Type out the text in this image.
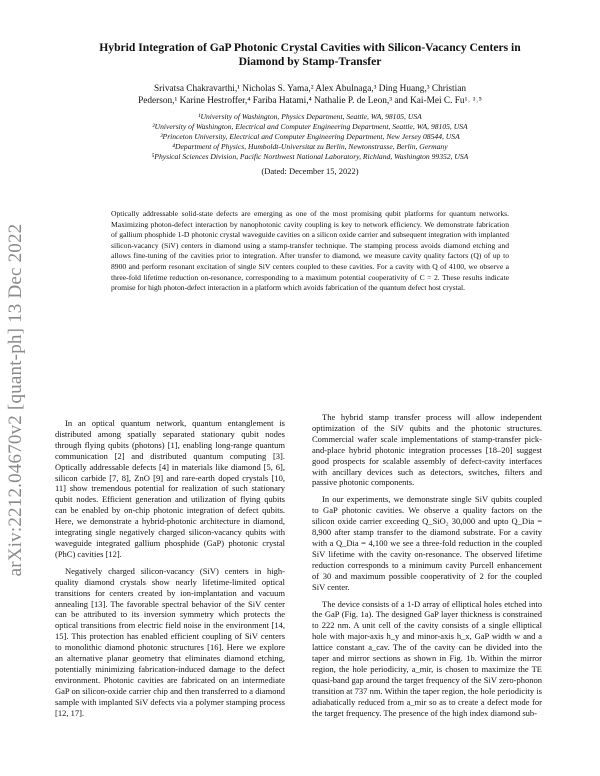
arXiv:2212.04670v2 [quant-ph] 13 Dec 2022
Hybrid Integration of GaP Photonic Crystal Cavities with Silicon-Vacancy Centers in
Diamond by Stamp-Transfer
Srivatsa Chakravarthi,¹ Nicholas S. Yama,² Alex Abulnaga,³ Ding Huang,³ Christian
Pederson,¹ Karine Hestroffer,⁴ Fariba Hatami,⁴ Nathalie P. de Leon,³ and Kai-Mei C. Fu¹˒ ¹˒⁵
¹University of Washington, Physics Department, Seattle, WA, 98105, USA
²University of Washington, Electrical and Computer Engineering Department, Seattle, WA, 98105, USA
³Princeton University, Electrical and Computer Engineering Department, New Jersey 08544, USA
⁴Department of Physics, Humboldt-Universitat zu Berlin, Newtonstrasse, Berlin, Germany
⁵Physical Sciences Division, Pacific Northwest National Laboratory, Richland, Washington 99352, USA
(Dated: December 15, 2022)
Optically addressable solid-state defects are emerging as one of the most promising qubit platforms for quantum networks. Maximizing photon-defect interaction by nanophotonic cavity coupling is key to network efficiency. We demonstrate fabrication of gallium phosphide 1-D photonic crystal waveguide cavities on a silicon oxide carrier and subsequent integration with implanted silicon-vacancy (SiV) centers in diamond using a stamp-transfer technique. The stamping process avoids diamond etching and allows fine-tuning of the cavities prior to integration. After transfer to diamond, we measure cavity quality factors (Q) of up to 8900 and perform resonant excitation of single SiV centers coupled to these cavities. For a cavity with Q of 4100, we observe a three-fold lifetime reduction on-resonance, corresponding to a maximum potential cooperativity of C = 2. These results indicate promise for high photon-defect interaction in a platform which avoids fabrication of the quantum defect host crystal.

In an optical quantum network, quantum entanglement is distributed among spatially separated stationary qubit nodes through flying qubits (photons) [1], enabling long-range quantum communication [2] and distributed quantum computing [3]. Optically addressable defects [4] in materials like diamond [5, 6], silicon carbide [7, 8], ZnO [9] and rare-earth doped crystals [10, 11] show tremendous potential for realization of such stationary qubit nodes. Efficient generation and utilization of flying qubits can be enabled by on-chip photonic integration of defect qubits. Here, we demonstrate a hybrid-photonic architecture in diamond, integrating single negatively charged silicon-vacancy qubits with waveguide integrated gallium phosphide (GaP) photonic crystal (PhC) cavities [12].

Negatively charged silicon-vacancy (SiV) centers in high-quality diamond crystals show nearly lifetime-limited optical transitions for centers created by ion-implantation and vacuum annealing [13]. The favorable spectral behavior of the SiV center can be attributed to its inversion symmetry which protects the optical transitions from electric field noise in the environment [14, 15]. This protection has enabled efficient coupling of SiV centers to monolithic diamond photonic structures [16]. Here we explore an alternative planar geometry that eliminates diamond etching, potentially minimizing fabrication-induced damage to the defect environment. Photonic cavities are fabricated on an intermediate GaP on silicon-oxide carrier chip and then transferred to a diamond sample with implanted SiV defects via a polymer stamping process [12, 17].

The hybrid stamp transfer process will allow independent optimization of the SiV qubits and the photonic structures. Commercial wafer scale implementations of stamp-transfer pick-and-place hybrid photonic integration processes [18–20] suggest good prospects for scalable assembly of defect-cavity interfaces with ancillary devices such as detectors, switches, filters and passive photonic components.

In our experiments, we demonstrate single SiV qubits coupled to GaP photonic cavities. We observe a quality factors on the silicon oxide carrier exceeding Q_SiO₂ 30,000 and upto Q_Dia = 8,900 after stamp transfer to the diamond substrate. For a cavity with a Q_Dia = 4,100 we see a three-fold reduction in the coupled SiV lifetime with the cavity on-resonance. The observed lifetime reduction corresponds to a minimum cavity Purcell enhancement of 30 and maximum possible cooperativity of 2 for the coupled SiV center.

The device consists of a 1-D array of elliptical holes etched into the GaP (Fig. 1a). The designed GaP layer thickness is constrained to 222 nm. A unit cell of the cavity consists of a single elliptical hole with major-axis h_y and minor-axis h_x, GaP width w and a lattice constant a_cav. The of the cavity can be divided into the taper and mirror sections as shown in Fig. 1b. Within the mirror region, the hole periodicity, a_mir, is chosen to maximize the TE quasi-band gap around the target frequency of the SiV zero-phonon transition at 737 nm. Within the taper region, the hole periodicity is adiabatically reduced from a_mir so as to create a defect mode for the target frequency. The presence of the high index diamond sub-
